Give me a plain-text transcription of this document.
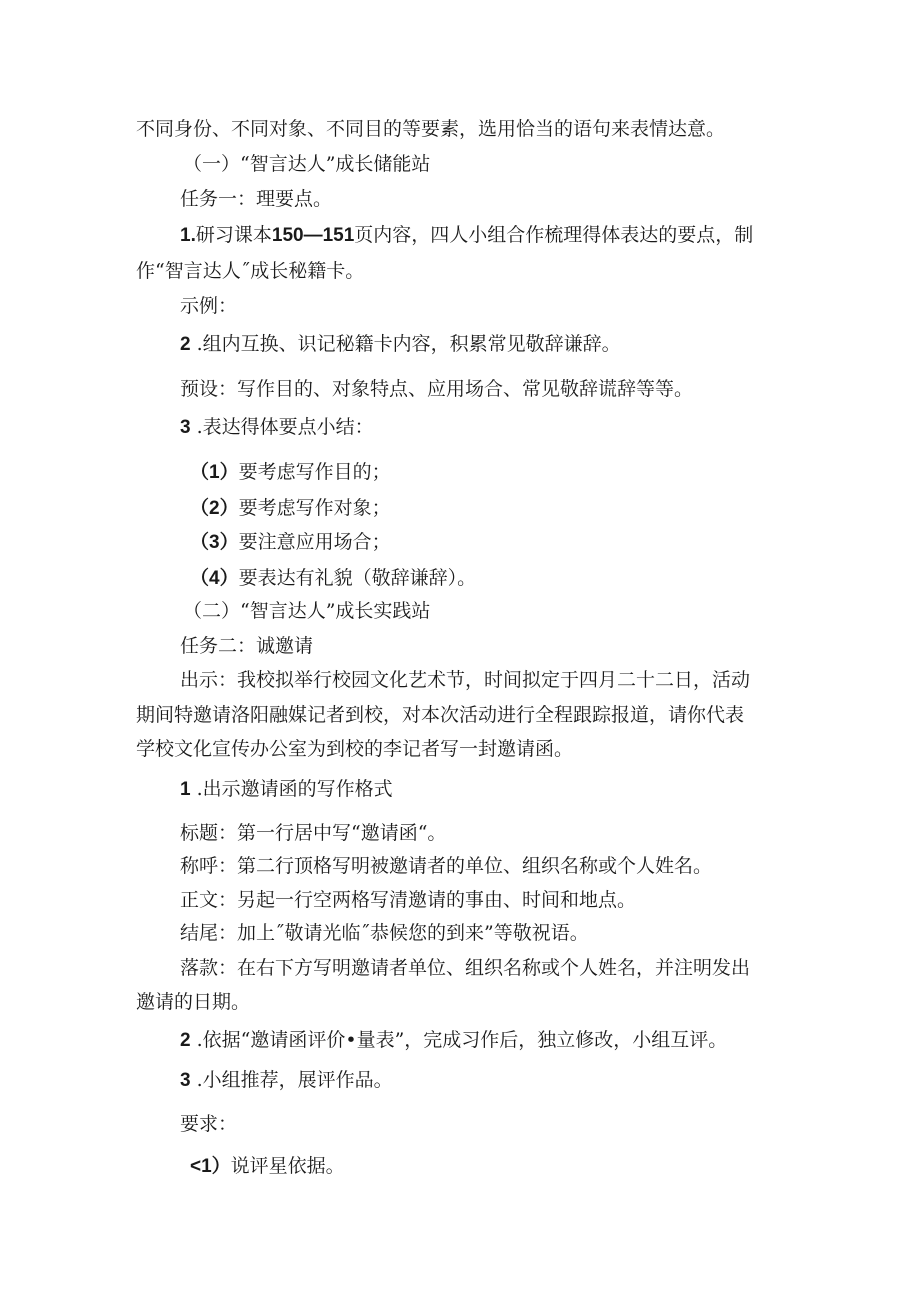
不同身份、不同对象、不同目的等要素，选用恰当的语句来表情达意。

（一）“智言达人”成长储能站

任务一：理要点。

1.研习课本150—151页内容，四人小组合作梳理得体表达的要点，制

作“智言达人˝成长秘籍卡。

示例：

2 .组内互换、识记秘籍卡内容，积累常见敬辞谦辞。

预设：写作目的、对象特点、应用场合、常见敬辞谎辞等等。

3 .表达得体要点小结：

（1）要考虑写作目的；

（2）要考虑写作对象；

（3）要注意应用场合；

（4）要表达有礼貌（敬辞谦辞）。

（二）“智言达人”成长实践站

任务二：诚邀请

出示：我校拟举行校园文化艺术节，时间拟定于四月二十二日，活动

期间特邀请洛阳融媒记者到校，对本次活动进行全程跟踪报道，请你代表

学校文化宣传办公室为到校的李记者写一封邀请函。

1 .出示邀请函的写作格式

标题：第一行居中写“邀请函“。

称呼：第二行顶格写明被邀请者的单位、组织名称或个人姓名。

正文：另起一行空两格写清邀请的事由、时间和地点。

结尾：加上˝敬请光临˝恭候您的到来”等敬祝语。

落款：在右下方写明邀请者单位、组织名称或个人姓名，并注明发出

邀请的日期。

2 .依据“邀请函评价•量表”，完成习作后，独立修改，小组互评。

3 .小组推荐，展评作品。

要求：

<1）说评星依据。
